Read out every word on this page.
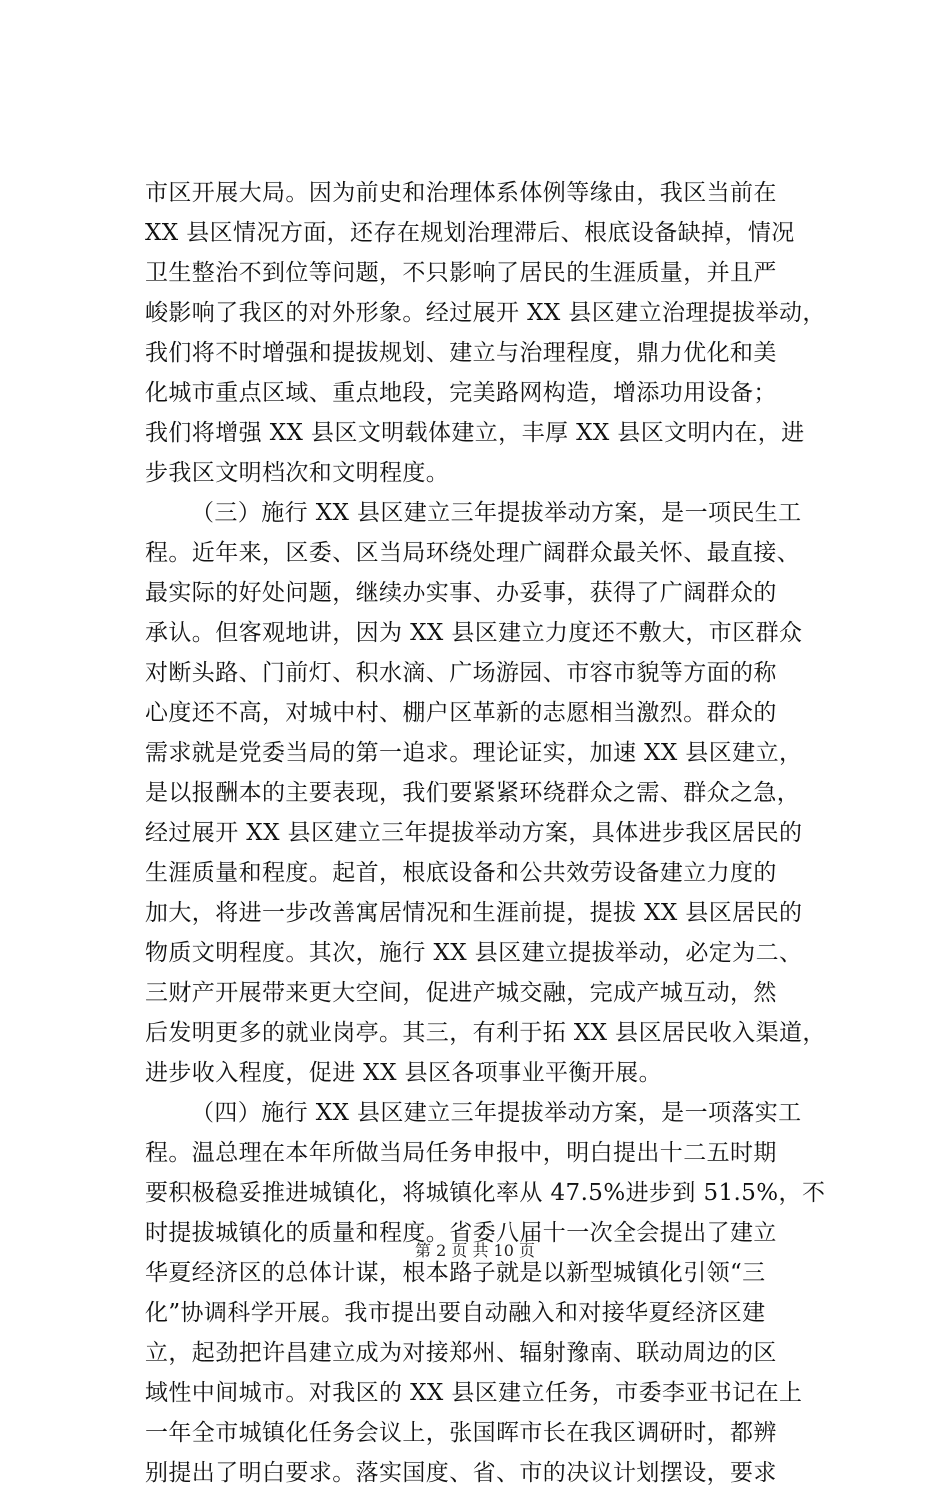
市区开展大局。因为前史和治理体系体例等缘由，我区当前在
XX 县区情况方面，还存在规划治理滞后、根底设备缺掉，情况
卫生整治不到位等问题，不只影响了居民的生涯质量，并且严
峻影响了我区的对外形象。经过展开 XX 县区建立治理提拔举动，
我们将不时增强和提拔规划、建立与治理程度，鼎力优化和美
化城市重点区域、重点地段，完美路网构造，增添功用设备；
我们将增强 XX 县区文明载体建立，丰厚 XX 县区文明内在，进
步我区文明档次和文明程度。
（三）施行 XX 县区建立三年提拔举动方案，是一项民生工
程。近年来，区委、区当局环绕处理广阔群众最关怀、最直接、
最实际的好处问题，继续办实事、办妥事，获得了广阔群众的
承认。但客观地讲，因为 XX 县区建立力度还不敷大，市区群众
对断头路、门前灯、积水滴、广场游园、市容市貌等方面的称
心度还不高，对城中村、棚户区革新的志愿相当激烈。群众的
需求就是党委当局的第一追求。理论证实，加速 XX 县区建立，
是以报酬本的主要表现，我们要紧紧环绕群众之需、群众之急，
经过展开 XX 县区建立三年提拔举动方案，具体进步我区居民的
生涯质量和程度。起首，根底设备和公共效劳设备建立力度的
加大，将进一步改善寓居情况和生涯前提，提拔 XX 县区居民的
物质文明程度。其次，施行 XX 县区建立提拔举动，必定为二、
三财产开展带来更大空间，促进产城交融，完成产城互动，然
后发明更多的就业岗亭。其三，有利于拓 XX 县区居民收入渠道，
进步收入程度，促进 XX 县区各项事业平衡开展。
（四）施行 XX 县区建立三年提拔举动方案，是一项落实工
程。温总理在本年所做当局任务申报中，明白提出十二五时期
要积极稳妥推进城镇化，将城镇化率从 47.5%进步到 51.5%，不
时提拔城镇化的质量和程度。省委八届十一次全会提出了建立
华夏经济区的总体计谋，根本路子就是以新型城镇化引领“三
化”协调科学开展。我市提出要自动融入和对接华夏经济区建
立，起劲把许昌建立成为对接郑州、辐射豫南、联动周边的区
域性中间城市。对我区的 XX 县区建立任务，市委李亚书记在上
一年全市城镇化任务会议上，张国晖市长在我区调研时，都辨
别提出了明白要求。落实国度、省、市的决议计划摆设，要求
第 2 页 共 10 页
